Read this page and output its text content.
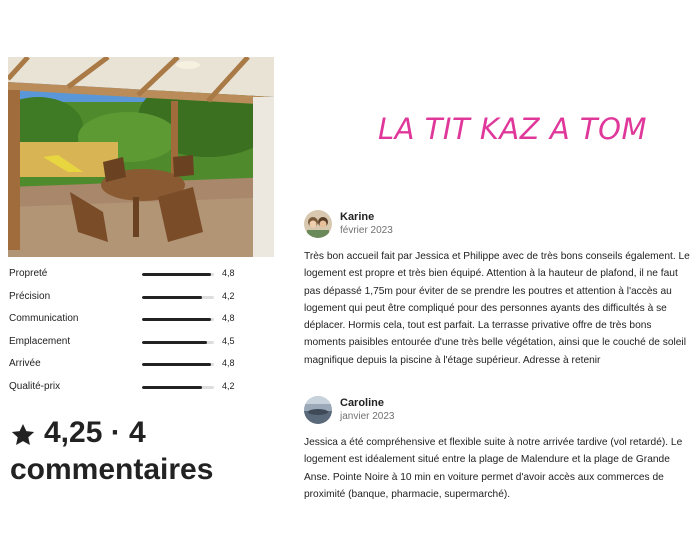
Propreté	4,8
Précision	4,2
Communication	4,8
Emplacement	4,5
Arrivée	4,8
Qualité-prix	4,2
4,25 · 4
commentaires
LA TIT KAZ A TOM
Karine
février 2023
Très bon accueil fait par Jessica et Philippe avec de très bons conseils également. Le logement est propre et très bien équipé. Attention à la hauteur de plafond, il ne faut pas dépassé 1,75m pour éviter de se prendre les poutres et attention à l'accès au logement qui peut être compliqué pour des personnes ayants des difficultés à se déplacer. Hormis cela, tout est parfait. La terrasse privative offre de très bons moments paisibles entourée d'une très belle végétation, ainsi que le couché de soleil magnifique depuis la piscine à l'étage supérieur. Adresse à retenir
Caroline
janvier 2023
Jessica a été compréhensive et flexible suite à notre arrivée tardive (vol retardé). Le logement est idéalement situé entre la plage de Malendure et la plage de Grande Anse. Pointe Noire à 10 min en voiture permet d'avoir accès aux commerces de proximité (banque, pharmacie, supermarché).
